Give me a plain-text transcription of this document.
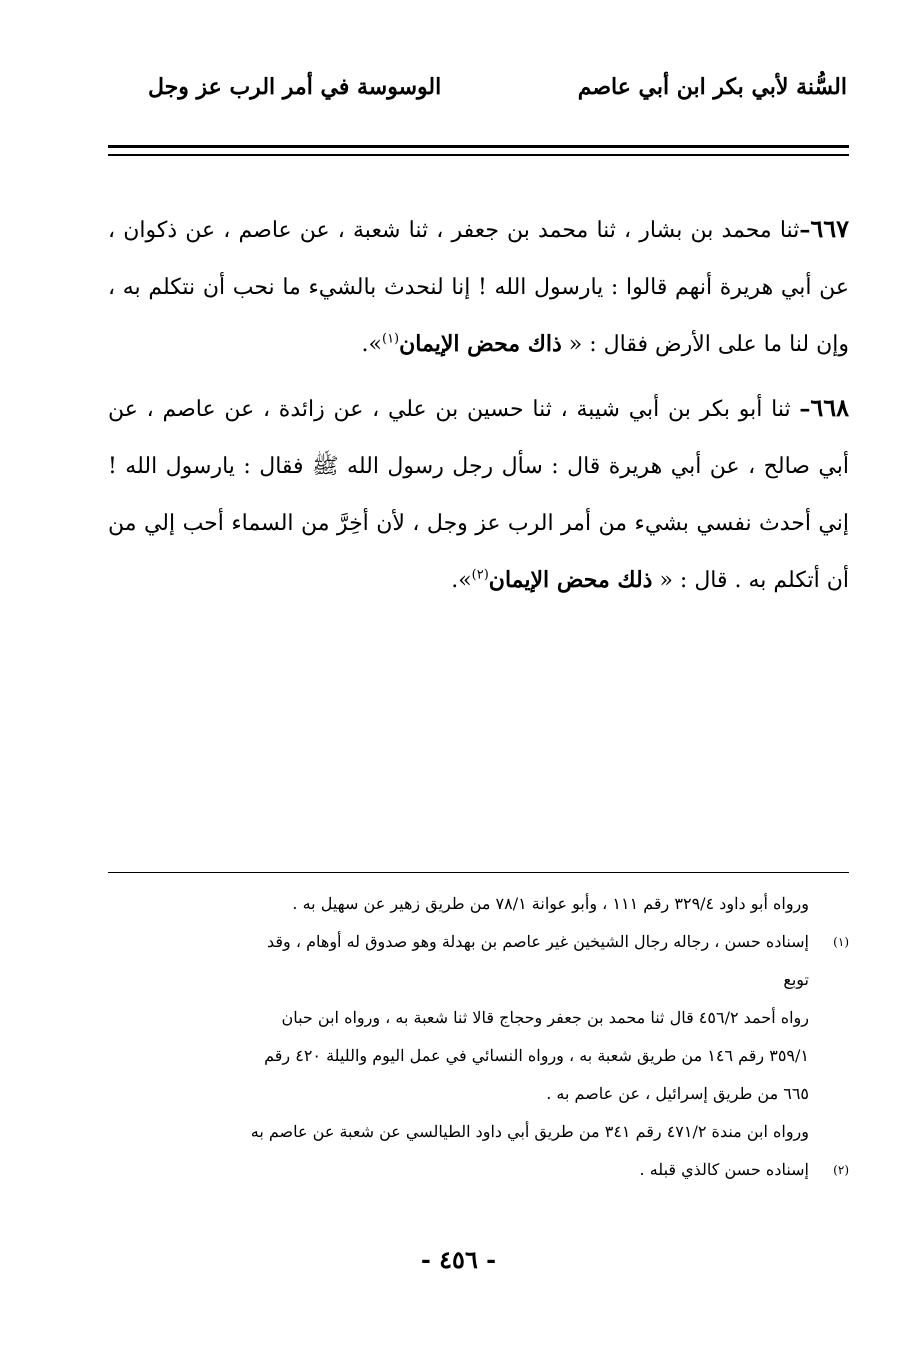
السُّنة لأبي بكر ابن أبي عاصم
الوسوسة في أمر الرب عز وجل

٦٦٧–ثنا محمد بن بشار ، ثنا محمد بن جعفر ، ثنا شعبة ، عن عاصم ، عن ذكوان ، عن أبي هريرة أنهم قالوا : يارسول الله ! إنا لنحدث بالشيء ما نحب أن نتكلم به ، وإن لنا ما على الأرض فقال : « ذاك محض الإيمان$^{(١)}$».

٦٦٨– ثنا أبو بكر بن أبي شيبة ، ثنا حسين بن علي ، عن زائدة ، عن عاصم ، عن أبي صالح ، عن أبي هريرة قال : سأل رجل رسول الله ﷺ فقال : يارسول الله ! إني أحدث نفسي بشيء من أمر الرب عز وجل ، لأن أخِرَّ من السماء أحب إلي من أن أتكلم به . قال : « ذلك محض الإيمان$^{(٢)}$».

ورواه أبو داود ٣٢٩/٤ رقم ١١١ ، وأبو عوانة ٧٨/١ من طريق زهير عن سهيل به .
(١)
إسناده حسن ، رجاله رجال الشيخين غير عاصم بن بهدلة وهو صدوق له أوهام ، وقد
توبع
رواه أحمد ٤٥٦/٢ قال ثنا محمد بن جعفر وحجاج قالا ثنا شعبة به ، ورواه ابن حبان
٣٥٩/١ رقم ١٤٦ من طريق شعبة به ، ورواه النسائي في عمل اليوم والليلة ٤٢٠ رقم
٦٦٥ من طريق إسرائيل ، عن عاصم به .
ورواه ابن مندة ٤٧١/٢ رقم ٣٤١ من طريق أبي داود الطيالسي عن شعبة عن عاصم به
(٢)
إسناده حسن كالذي قبله .
- ٤٥٦ -
